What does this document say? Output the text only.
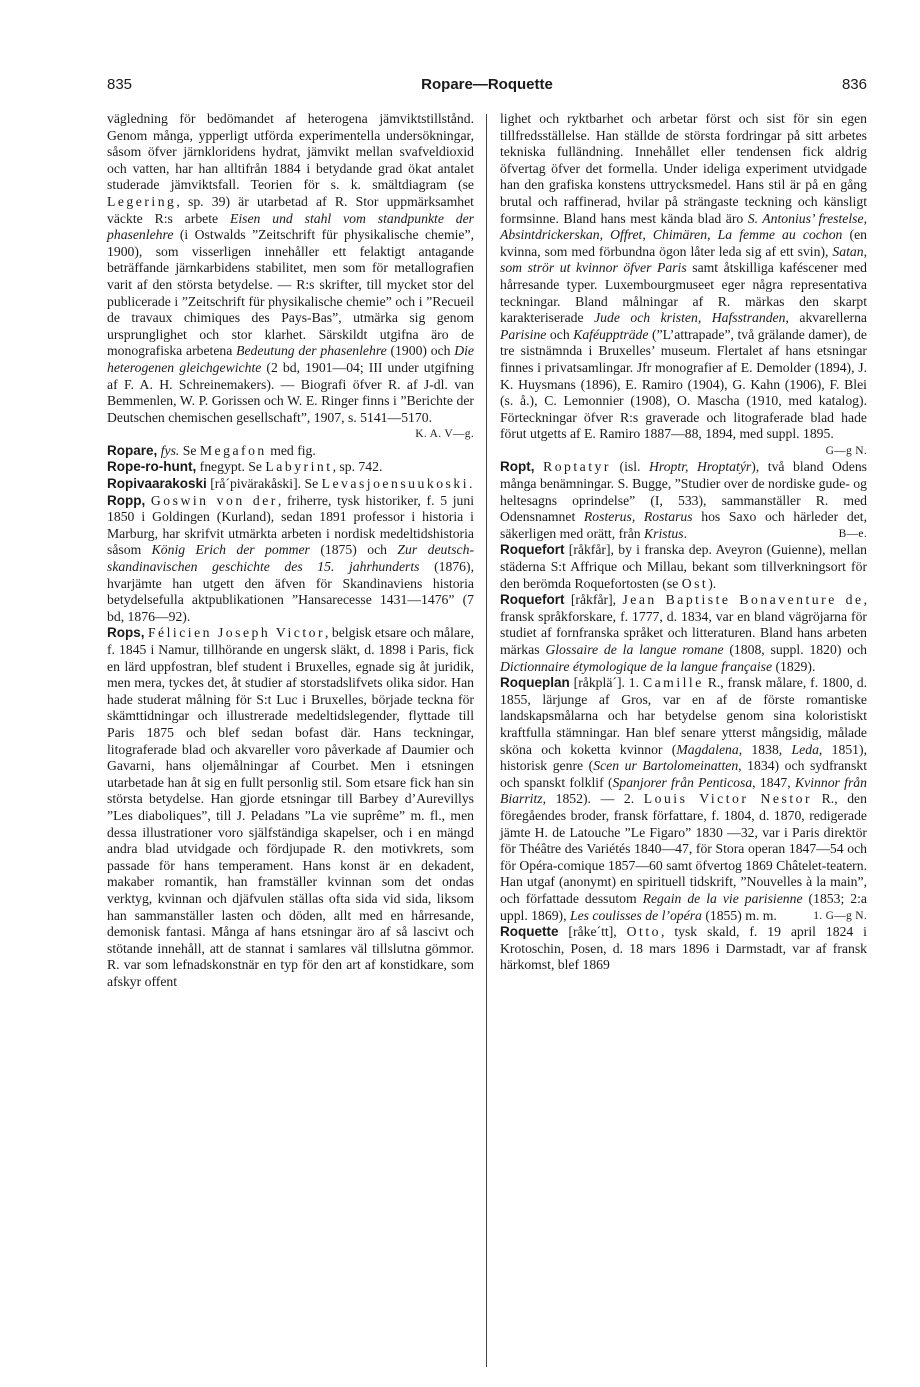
835	Ropare—Roquette	836

vägledning för bedömandet af heterogena jämviktstillstånd. Genom många, ypperligt utförda experimentella undersökningar, såsom öfver järnkloridens hydrat, jämvikt mellan svafveldioxid och vatten, har han alltifrån 1884 i betydande grad ökat antalet studerade jämviktsfall. Teorien för s. k. smältdiagram (se Legering, sp. 39) är utarbetad af R. Stor uppmärksamhet väckte R:s arbete Eisen und stahl vom standpunkte der phasenlehre (i Ostwalds ”Zeitschrift für physikalische chemie”, 1900), som visserligen innehåller ett felaktigt antagande beträffande järnkarbidens stabilitet, men som för metallografien varit af den största betydelse. — R:s skrifter, till mycket stor del publicerade i ”Zeitschrift für physikalische chemie” och i ”Recueil de travaux chimiques des Pays-Bas”, utmärka sig genom ursprunglighet och stor klarhet. Särskildt utgifna äro de monografiska arbetena Bedeutung der phasenlehre (1900) och Die heterogenen gleichgewichte (2 bd, 1901—04; III under utgifning af F. A. H. Schreinemakers). — Biografi öfver R. af J-dl. van Bemmenlen, W. P. Gorissen och W. E. Ringer finns i ”Berichte der Deutschen chemischen gesellschaft”, 1907, s. 5141—5170.
K. A. V—g.

Ropare, fys. Se Megafon med fig.

Rope-ro-hunt, fnegypt. Se Labyrint, sp. 742.

Ropivaarakoski [rå´pivärakåski]. Se Levasjoensuukoski.

Ropp, Goswin von der, friherre, tysk historiker, f. 5 juni 1850 i Goldingen (Kurland), sedan 1891 professor i historia i Marburg, har skrifvit utmärkta arbeten i nordisk medeltidshistoria såsom König Erich der pommer (1875) och Zur deutsch-skandinavischen geschichte des 15. jahrhunderts (1876), hvarjämte han utgett den äfven för Skandinaviens historia betydelsefulla aktpublikationen ”Hansarecesse 1431—1476” (7 bd, 1876—92).

Rops, Félicien Joseph Victor, belgisk etsare och målare, f. 1845 i Namur, tillhörande en ungersk släkt, d. 1898 i Paris, fick en lärd uppfostran, blef student i Bruxelles, egnade sig åt juridik, men mera, tyckes det, åt studier af storstadslifvets olika sidor. Han hade studerat målning för S:t Luc i Bruxelles, började teckna för skämttidningar och illustrerade medeltidslegender, flyttade till Paris 1875 och blef sedan bofast där. Hans teckningar, litograferade blad och akvareller voro påverkade af Daumier och Gavarni, hans oljemålningar af Courbet. Men i etsningen utarbetade han åt sig en fullt personlig stil. Som etsare fick han sin största betydelse. Han gjorde etsningar till Barbey d’Aurevillys ”Les diaboliques”, till J. Peladans ”La vie suprême” m. fl., men dessa illustrationer voro själfständiga skapelser, och i en mängd andra blad utvidgade och fördjupade R. den motivkrets, som passade för hans temperament. Hans konst är en dekadent, makaber romantik, han framställer kvinnan som det ondas verktyg, kvinnan och djäfvulen ställas ofta sida vid sida, liksom han sammanställer lasten och döden, allt med en hårresande, demonisk fantasi. Många af hans etsningar äro af så lascivt och stötande innehåll, att de stannat i samlares väl tillslutna gömmor. R. var som lefnadskonstnär en typ för den art af konstidkare, som afskyr offent

lighet och ryktbarhet och arbetar först och sist för sin egen tillfredsställelse. Han ställde de största fordringar på sitt arbetes tekniska fulländning. Innehållet eller tendensen fick aldrig öfvertag öfver det formella. Under ideliga experiment utvidgade han den grafiska konstens uttrycksmedel. Hans stil är på en gång brutal och raffinerad, hvilar på strängaste teckning och känsligt formsinne. Bland hans mest kända blad äro S. Antonius’ frestelse, Absintdrickerskan, Offret, Chimären, La femme au cochon (en kvinna, som med förbundna ögon låter leda sig af ett svin), Satan, som strör ut kvinnor öfver Paris samt åtskilliga kaféscener med hårresande typer. Luxembourgmuseet eger några representativa teckningar. Bland målningar af R. märkas den skarpt karakteriserade Jude och kristen, Hafsstranden, akvarellerna Parisine och Kaféuppträde (”L’attrapade”, två grälande damer), de tre sistnämnda i Bruxelles’ museum. Flertalet af hans etsningar finnes i privatsamlingar. Jfr monografier af E. Demolder (1894), J. K. Huysmans (1896), E. Ramiro (1904), G. Kahn (1906), F. Blei (s. å.), C. Lemonnier (1908), O. Mascha (1910, med katalog). Förteckningar öfver R:s graverade och litograferade blad hade förut utgetts af E. Ramiro 1887—88, 1894, med suppl. 1895.
G—g N.

Ropt, Roptatyr (isl. Hroptr, Hroptatýr), två bland Odens många benämningar. S. Bugge, ”Studier over de nordiske gude- og heltesagns oprindelse” (I, 533), sammanställer R. med Odensnamnet Rosterus, Rostarus hos Saxo och härleder det, säkerligen med orätt, från Kristus.	B—e.

Roquefort [råkfår], by i franska dep. Aveyron (Guienne), mellan städerna S:t Affrique och Millau, bekant som tillverkningsort för den berömda Roquefortosten (se Ost).

Roquefort [råkfår], Jean Baptiste Bonaventure de, fransk språkforskare, f. 1777, d. 1834, var en bland vägröjarna för studiet af fornfranska språket och litteraturen. Bland hans arbeten märkas Glossaire de la langue romane (1808, suppl. 1820) och Dictionnaire étymologique de la langue française (1829).

Roqueplan [råkplä´]. 1. Camille R., fransk målare, f. 1800, d. 1855, lärjunge af Gros, var en af de förste romantiske landskapsmålarna och har betydelse genom sina koloristiskt kraftfulla stämningar. Han blef senare ytterst mångsidig, målade sköna och koketta kvinnor (Magdalena, 1838, Leda, 1851), historisk genre (Scen ur Bartolomeinatten, 1834) och sydfranskt och spanskt folklif (Spanjorer från Penticosa, 1847, Kvinnor från Biarritz, 1852). — 2. Louis Victor Nestor R., den föregåendes broder, fransk författare, f. 1804, d. 1870, redigerade jämte H. de Latouche ”Le Figaro” 1830 —32, var i Paris direktör för Théâtre des Variétés 1840—47, för Stora operan 1847—54 och för Opéra-comique 1857—60 samt öfvertog 1869 Châtelet-teatern. Han utgaf (anonymt) en spirituell tidskrift, ”Nouvelles à la main”, och författade dessutom Regain de la vie parisienne (1853; 2:a uppl. 1869), Les coulisses de l’opéra (1855) m. m.	1. G—g N.

Roquette [råke´tt], Otto, tysk skald, f. 19 april 1824 i Krotoschin, Posen, d. 18 mars 1896 i Darmstadt, var af fransk härkomst, blef 1869
